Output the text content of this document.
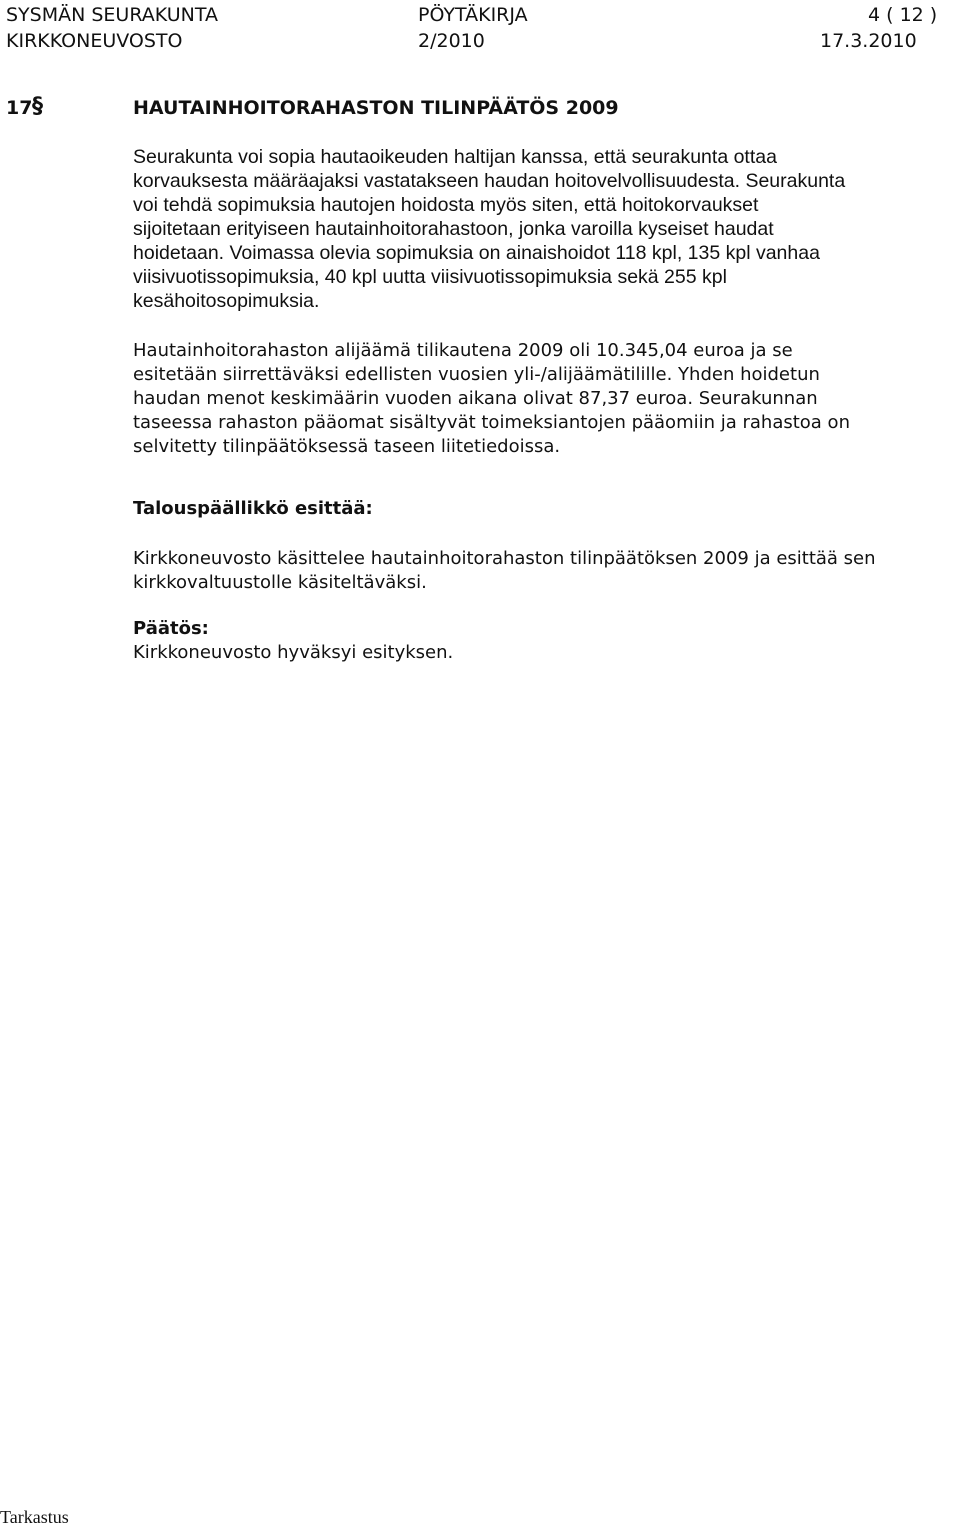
SYSMÄN SEURAKUNTA	PÖYTÄKIRJA	4 ( 12 )
KIRKKONEUVOSTO	2/2010	17.3.2010
17 §	HAUTAINHOITORAHASTON TILINPÄÄTÖS 2009

Seurakunta voi sopia hautaoikeuden haltijan kanssa, että seurakunta ottaa
korvauksesta määräajaksi vastatakseen haudan hoitovelvollisuudesta. Seurakunta
voi tehdä sopimuksia hautojen hoidosta myös siten, että hoitokorvaukset
sijoitetaan erityiseen hautainhoitorahastoon, jonka varoilla kyseiset haudat
hoidetaan. Voimassa olevia sopimuksia on ainaishoidot 118 kpl, 135 kpl vanhaa
viisivuotissopimuksia, 40 kpl uutta viisivuotissopimuksia sekä 255 kpl
kesähoitosopimuksia.

Hautainhoitorahaston alijäämä tilikautena 2009 oli 10.345,04 euroa ja se
esitetään siirrettäväksi edellisten vuosien yli-/alijäämätilille. Yhden hoidetun
haudan menot keskimäärin vuoden aikana olivat 87,37 euroa. Seurakunnan
taseessa rahaston pääomat sisältyvät toimeksiantojen pääomiin ja rahastoa on
selvitetty tilinpäätöksessä taseen liitetiedoissa.

Talouspäällikkö esittää:

Kirkkoneuvosto käsittelee hautainhoitorahaston tilinpäätöksen 2009 ja esittää sen
kirkkovaltuustolle käsiteltäväksi.

Päätös:

Kirkkoneuvosto hyväksyi esityksen.

Tarkastus
